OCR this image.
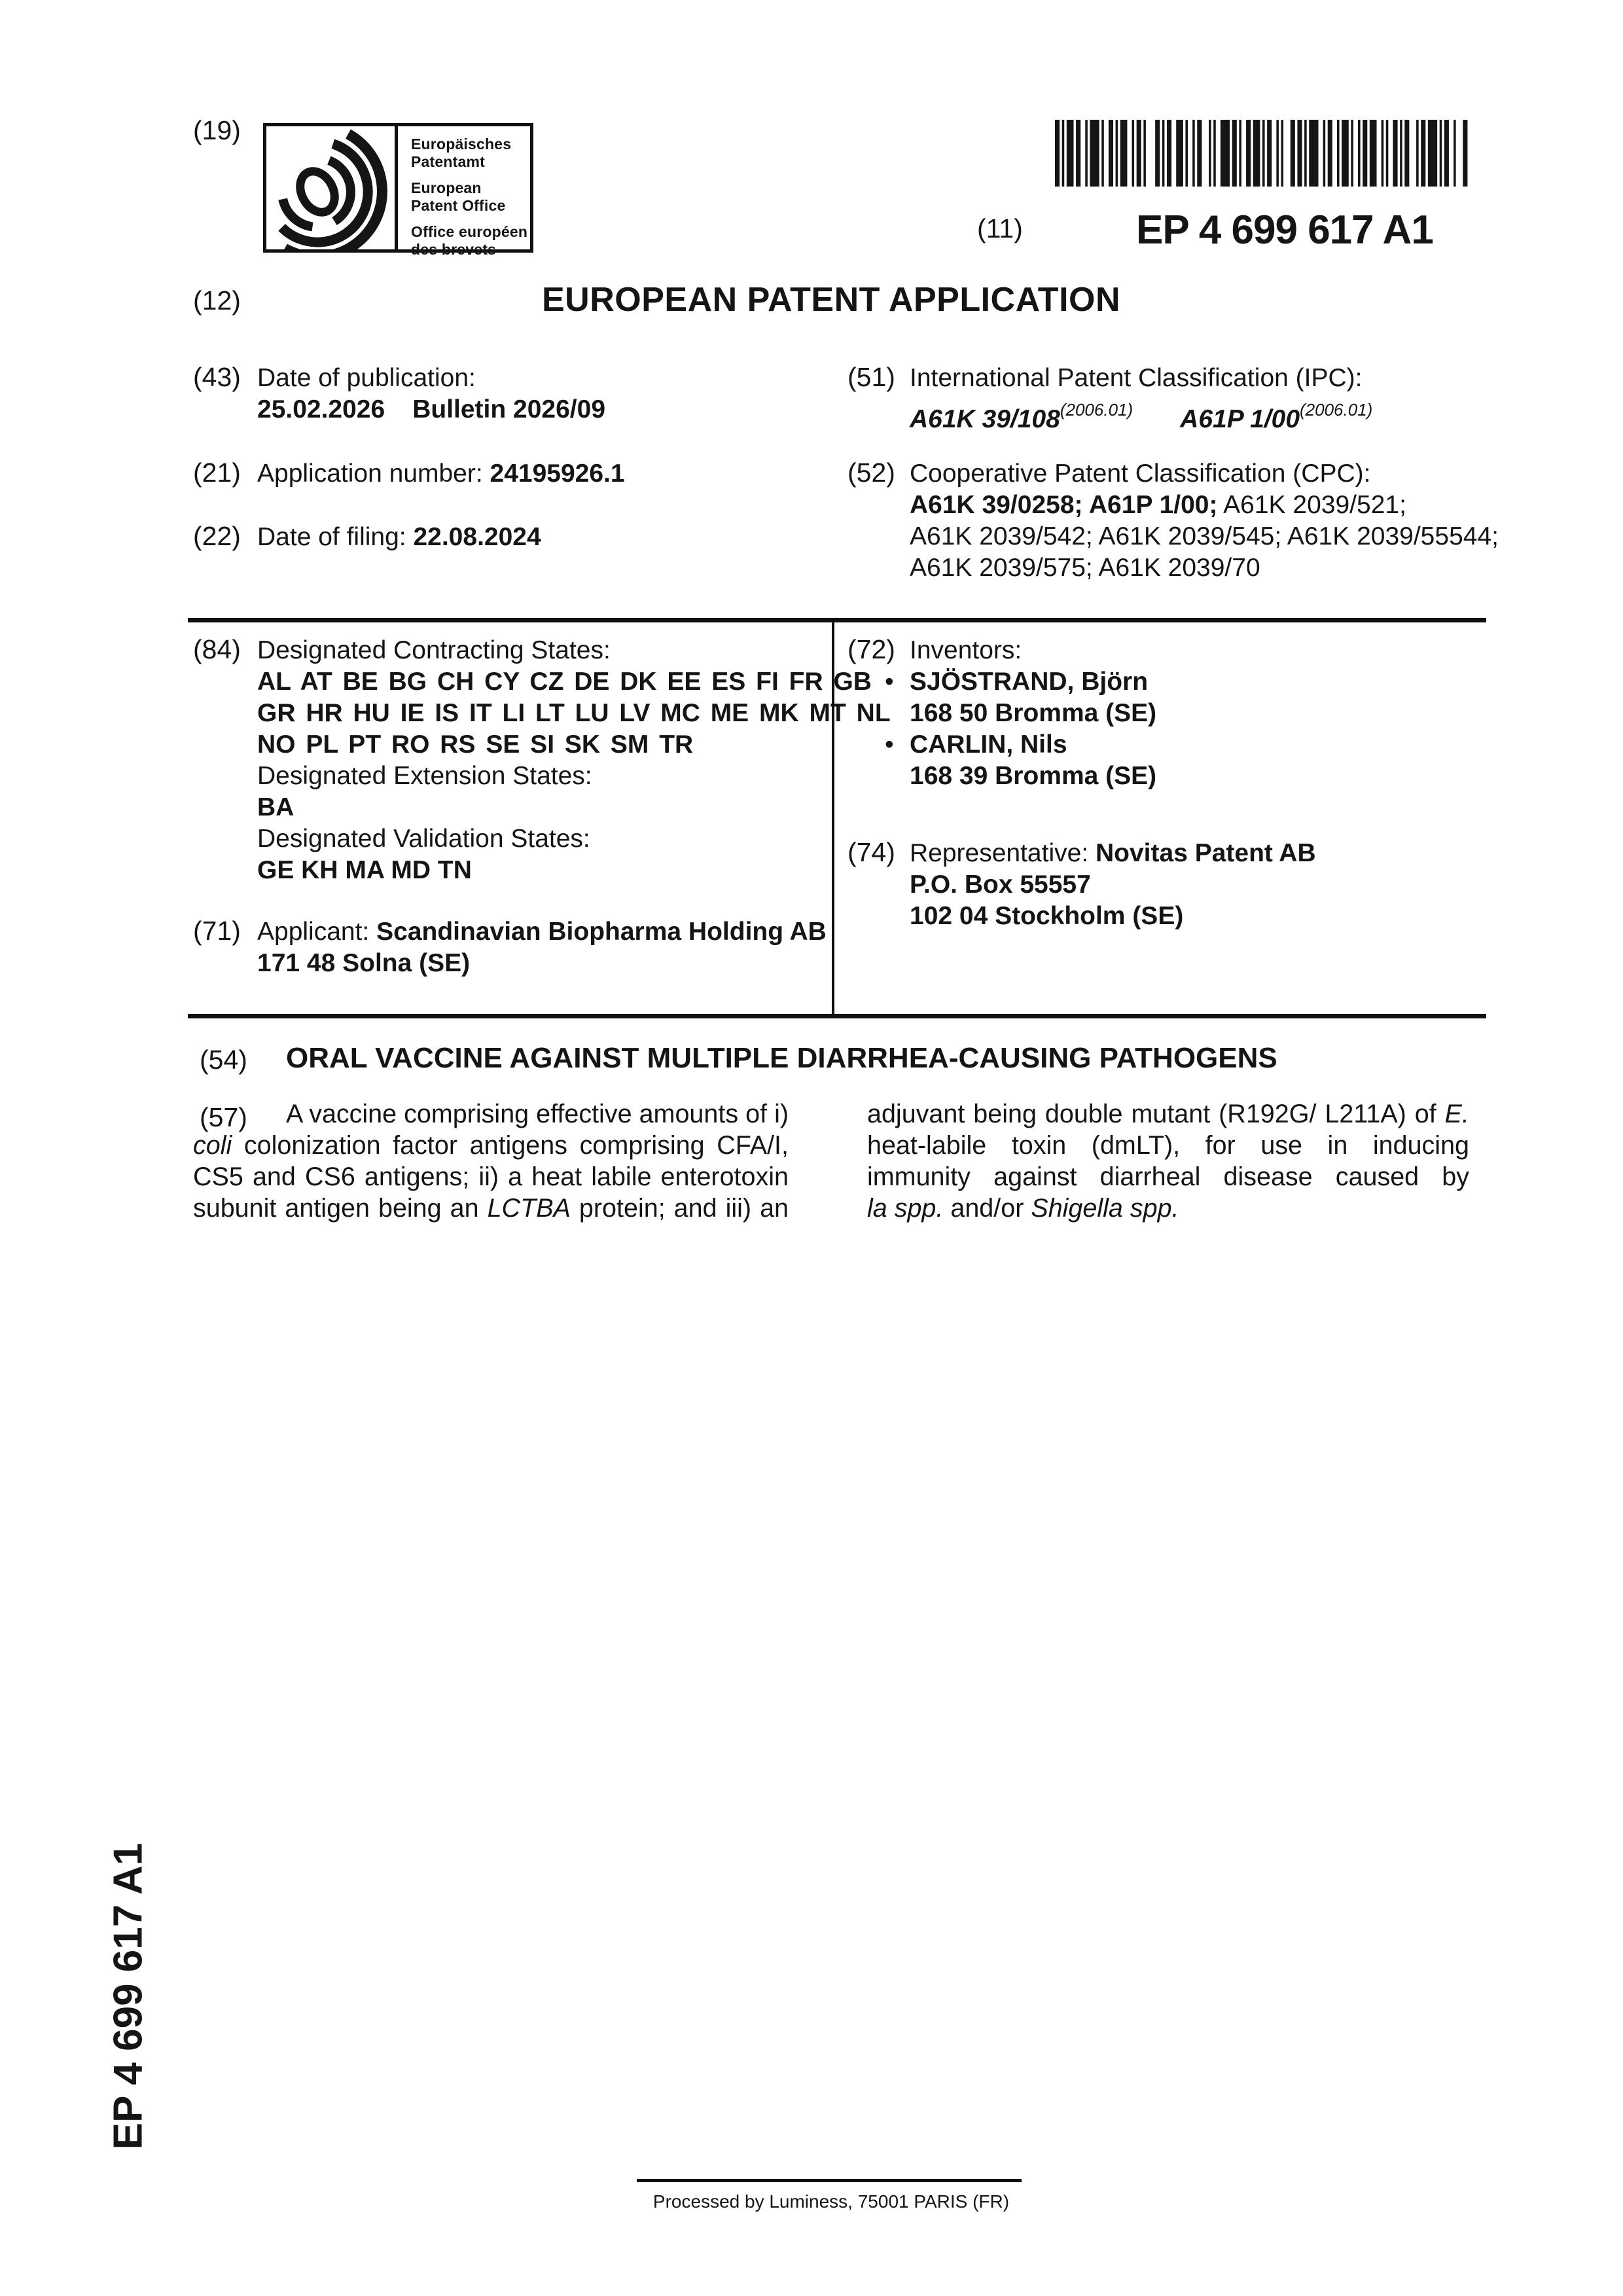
(19)	Europäisches
Patentamt

European
Patent Office

Office européen
des brevets

(11)	EP 4 699 617 A1
(12)	EUROPEAN PATENT APPLICATION
(43) Date of publication:
25.02.2026 Bulletin 2026/09
(21) Application number: 24195926.1
(22) Date of filing: 22.08.2024
(51) International Patent Classification (IPC):
A61K $39/108^{(2006.01)}$ A61P $1/00^{(2006.01)}$
(52) Cooperative Patent Classification (CPC):
A61K 39/0258; A61P 1/00; A61K 2039/521;
A61K 2039/542; A61K 2039/545; A61K 2039/55544;
A61K 2039/575; A61K 2039/70
(84) Designated Contracting States:
AL AT BE BG CH CY CZ DE DK EE ES FI FR GB
GR HR HU IE IS IT LI LT LU LV MC ME MK MT NL
NO PL PT RO RS SE SI SK SM TR
Designated Extension States:
BA
Designated Validation States:
GE KH MA MD TN
(71) Applicant: Scandinavian Biopharma Holding AB
171 48 Solna (SE)
(72) Inventors:
• SJÖSTRAND, Björn
168 50 Bromma (SE)
• CARLIN, Nils
168 39 Bromma (SE)
(74) Representative: Novitas Patent AB
P.O. Box 55557
102 04 Stockholm (SE)
(54) ORAL VACCINE AGAINST MULTIPLE DIARRHEA-CAUSING PATHOGENS
(57)	A vaccine comprising effective amounts of i)
coli colonization factor antigens comprising CFA/I,
CS5 and CS6 antigens; ii) a heat labile enterotoxin
subunit antigen being an LCTBA protein; and iii) an
adjuvant being double mutant (R192G/ L211A) of E.
heat-labile toxin (dmLT), for use in inducing
immunity against diarrheal disease caused by
la spp. and/or Shigella spp.
EP 4 699 617 A1
Processed by Luminess, 75001 PARIS (FR)
